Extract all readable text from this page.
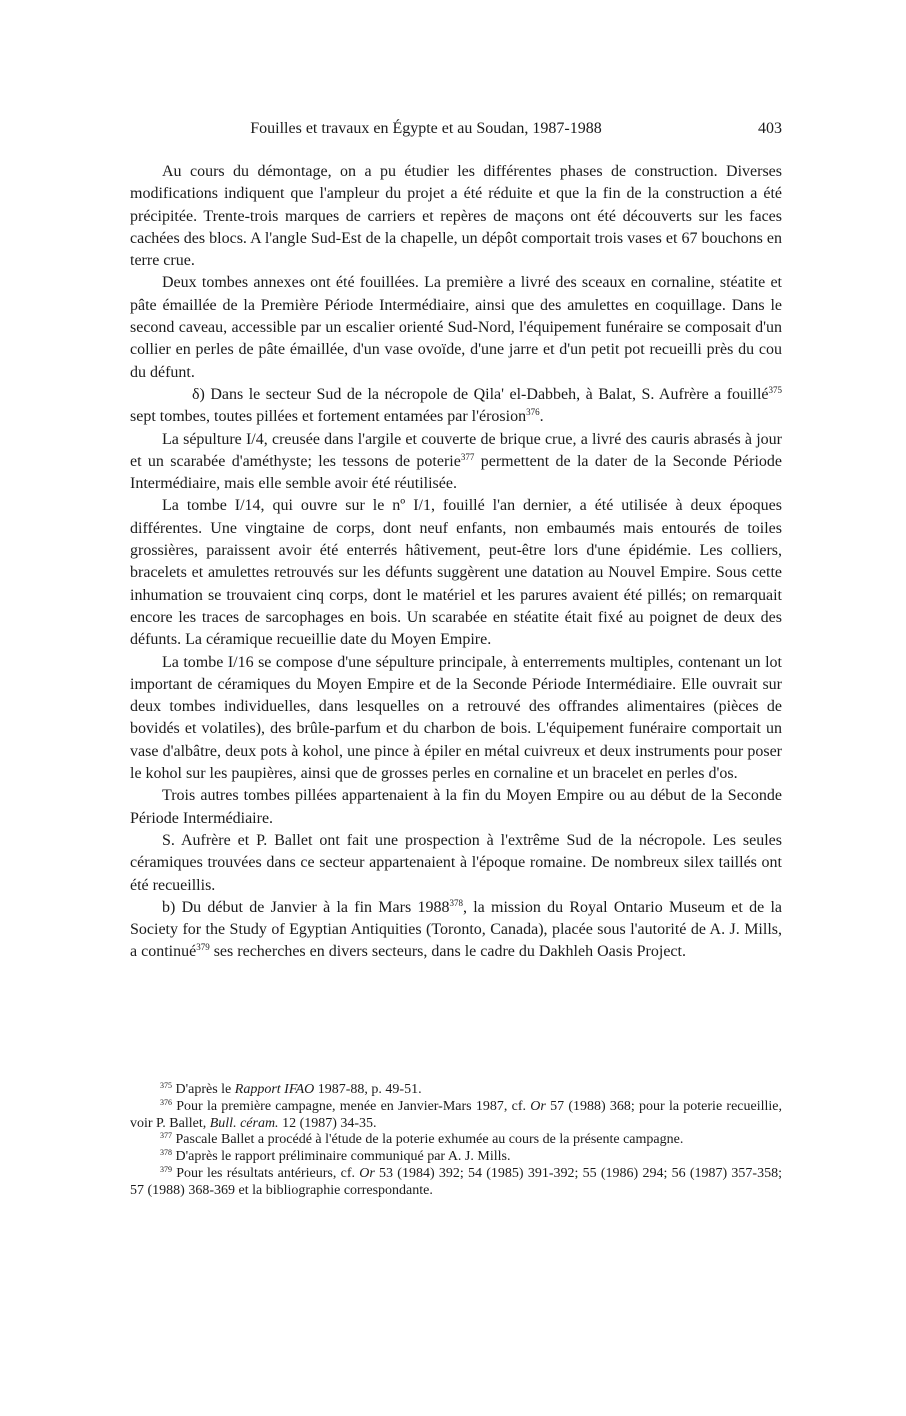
Fouilles et travaux en Égypte et au Soudan, 1987-1988	403

Au cours du démontage, on a pu étudier les différentes phases de construction. Diverses modifications indiquent que l'ampleur du projet a été réduite et que la fin de la construction a été précipitée. Trente-trois marques de carriers et repères de maçons ont été découverts sur les faces cachées des blocs. A l'angle Sud-Est de la chapelle, un dépôt comportait trois vases et 67 bouchons en terre crue.

Deux tombes annexes ont été fouillées. La première a livré des sceaux en cornaline, stéatite et pâte émaillée de la Première Période Intermédiaire, ainsi que des amulettes en coquillage. Dans le second caveau, accessible par un escalier orienté Sud-Nord, l'équipement funéraire se composait d'un collier en perles de pâte émaillée, d'un vase ovoïde, d'une jarre et d'un petit pot recueilli près du cou du défunt.

δ) Dans le secteur Sud de la nécropole de Qila' el-Dabbeh, à Balat, S. Aufrère a fouillé$^{375}$ sept tombes, toutes pillées et fortement entamées par l'érosion$^{376}$.

La sépulture I/4, creusée dans l'argile et couverte de brique crue, a livré des cauris abrasés à jour et un scarabée d'améthyste; les tessons de poterie$^{377}$ permettent de la dater de la Seconde Période Intermédiaire, mais elle semble avoir été réutilisée.

La tombe I/14, qui ouvre sur le nº I/1, fouillé l'an dernier, a été utilisée à deux époques différentes. Une vingtaine de corps, dont neuf enfants, non embaumés mais entourés de toiles grossières, paraissent avoir été enterrés hâtivement, peut-être lors d'une épidémie. Les colliers, bracelets et amulettes retrouvés sur les défunts suggèrent une datation au Nouvel Empire. Sous cette inhumation se trouvaient cinq corps, dont le matériel et les parures avaient été pillés; on remarquait encore les traces de sarcophages en bois. Un scarabée en stéatite était fixé au poignet de deux des défunts. La céramique recueillie date du Moyen Empire.

La tombe I/16 se compose d'une sépulture principale, à enterrements multiples, contenant un lot important de céramiques du Moyen Empire et de la Seconde Période Intermédiaire. Elle ouvrait sur deux tombes individuelles, dans lesquelles on a retrouvé des offrandes alimentaires (pièces de bovidés et volatiles), des brûle-parfum et du charbon de bois. L'équipement funéraire comportait un vase d'albâtre, deux pots à kohol, une pince à épiler en métal cuivreux et deux instruments pour poser le kohol sur les paupières, ainsi que de grosses perles en cornaline et un bracelet en perles d'os.

Trois autres tombes pillées appartenaient à la fin du Moyen Empire ou au début de la Seconde Période Intermédiaire.

S. Aufrère et P. Ballet ont fait une prospection à l'extrême Sud de la nécropole. Les seules céramiques trouvées dans ce secteur appartenaient à l'époque romaine. De nombreux silex taillés ont été recueillis.

b) Du début de Janvier à la fin Mars 1988$^{378}$, la mission du Royal Ontario Museum et de la Society for the Study of Egyptian Antiquities (Toronto, Canada), placée sous l'autorité de A. J. Mills, a continué$^{379}$ ses recherches en divers secteurs, dans le cadre du Dakhleh Oasis Project.

$^{375}$ D'après le Rapport IFAO 1987-88, p. 49-51.

$^{376}$ Pour la première campagne, menée en Janvier-Mars 1987, cf. Or 57 (1988) 368; pour la poterie recueillie, voir P. Ballet, Bull. céram. 12 (1987) 34-35.

$^{377}$ Pascale Ballet a procédé à l'étude de la poterie exhumée au cours de la présente campagne.

$^{378}$ D'après le rapport préliminaire communiqué par A. J. Mills.

$^{379}$ Pour les résultats antérieurs, cf. Or 53 (1984) 392; 54 (1985) 391-392; 55 (1986) 294; 56 (1987) 357-358; 57 (1988) 368-369 et la bibliographie correspondante.
